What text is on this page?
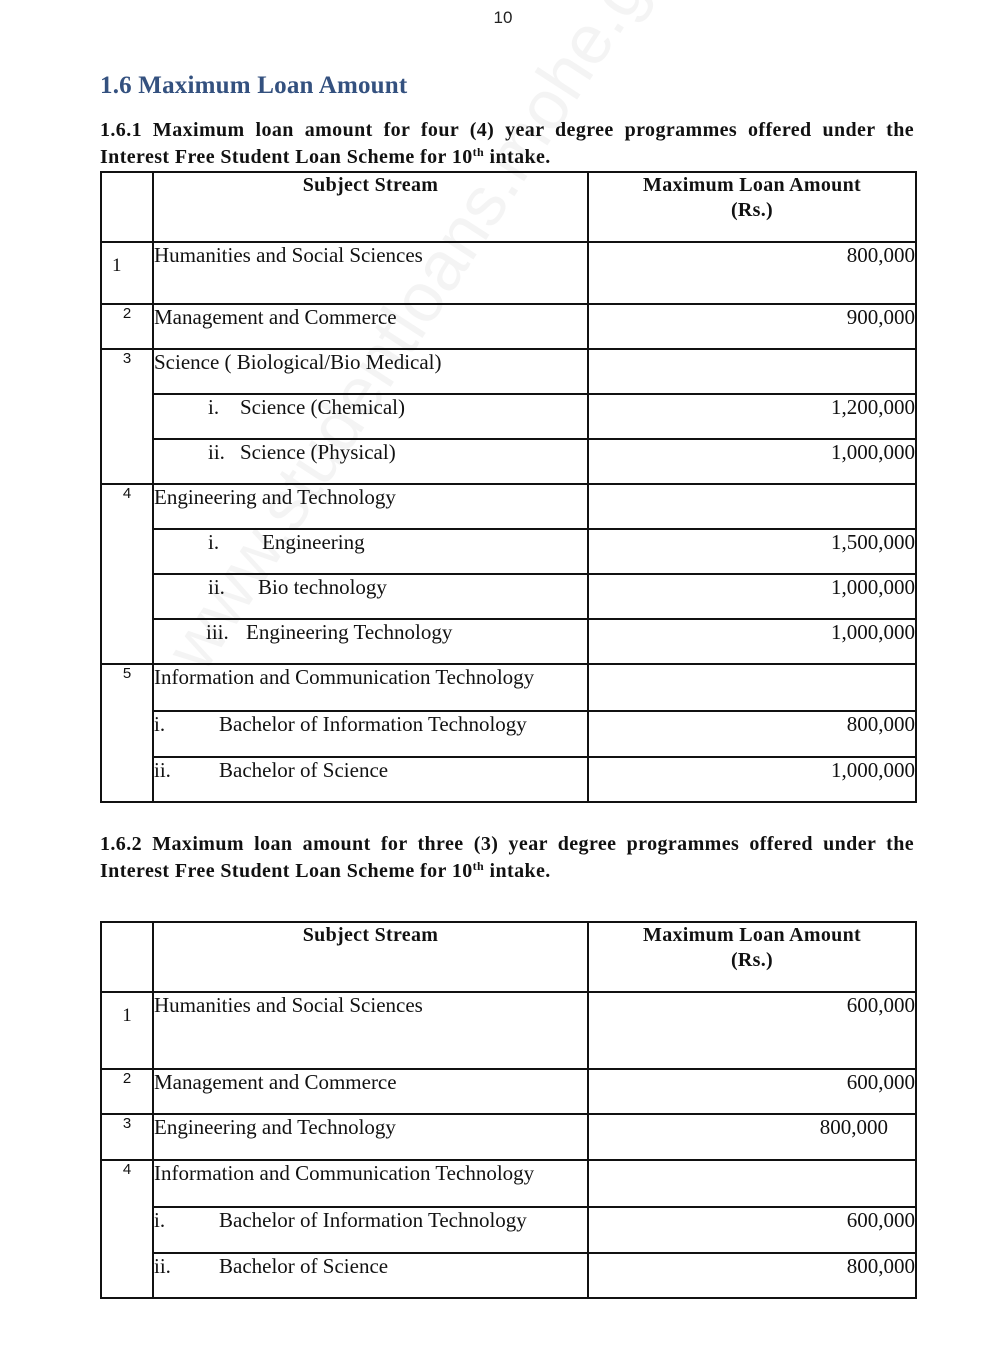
10
1.6 Maximum Loan Amount
1.6.1 Maximum loan amount for four (4) year degree programmes offered under the Interest Free Student Loan Scheme for 10th intake.
	Subject Stream	Maximum Loan Amount
(Rs.)
1	Humanities and Social Sciences	800,000
2	Management and Commerce	900,000
3	Science ( Biological/Bio Medical)	
	i. Science (Chemical)	1,200,000
	ii. Science (Physical)	1,000,000
4	Engineering and Technology	
	i. Engineering	1,500,000
	ii. Bio technology	1,000,000
	iii. Engineering Technology	1,000,000
5	Information and Communication Technology	
	i. Bachelor of Information Technology	800,000
	ii. Bachelor of Science	1,000,000
1.6.2 Maximum loan amount for three (3) year degree programmes offered under the Interest Free Student Loan Scheme for 10th intake.
	Subject Stream	Maximum Loan Amount
(Rs.)
1	Humanities and Social Sciences	600,000
2	Management and Commerce	600,000
3	Engineering and Technology	800,000
4	Information and Communication Technology	
	i. Bachelor of Information Technology	600,000
	ii. Bachelor of Science	800,000
